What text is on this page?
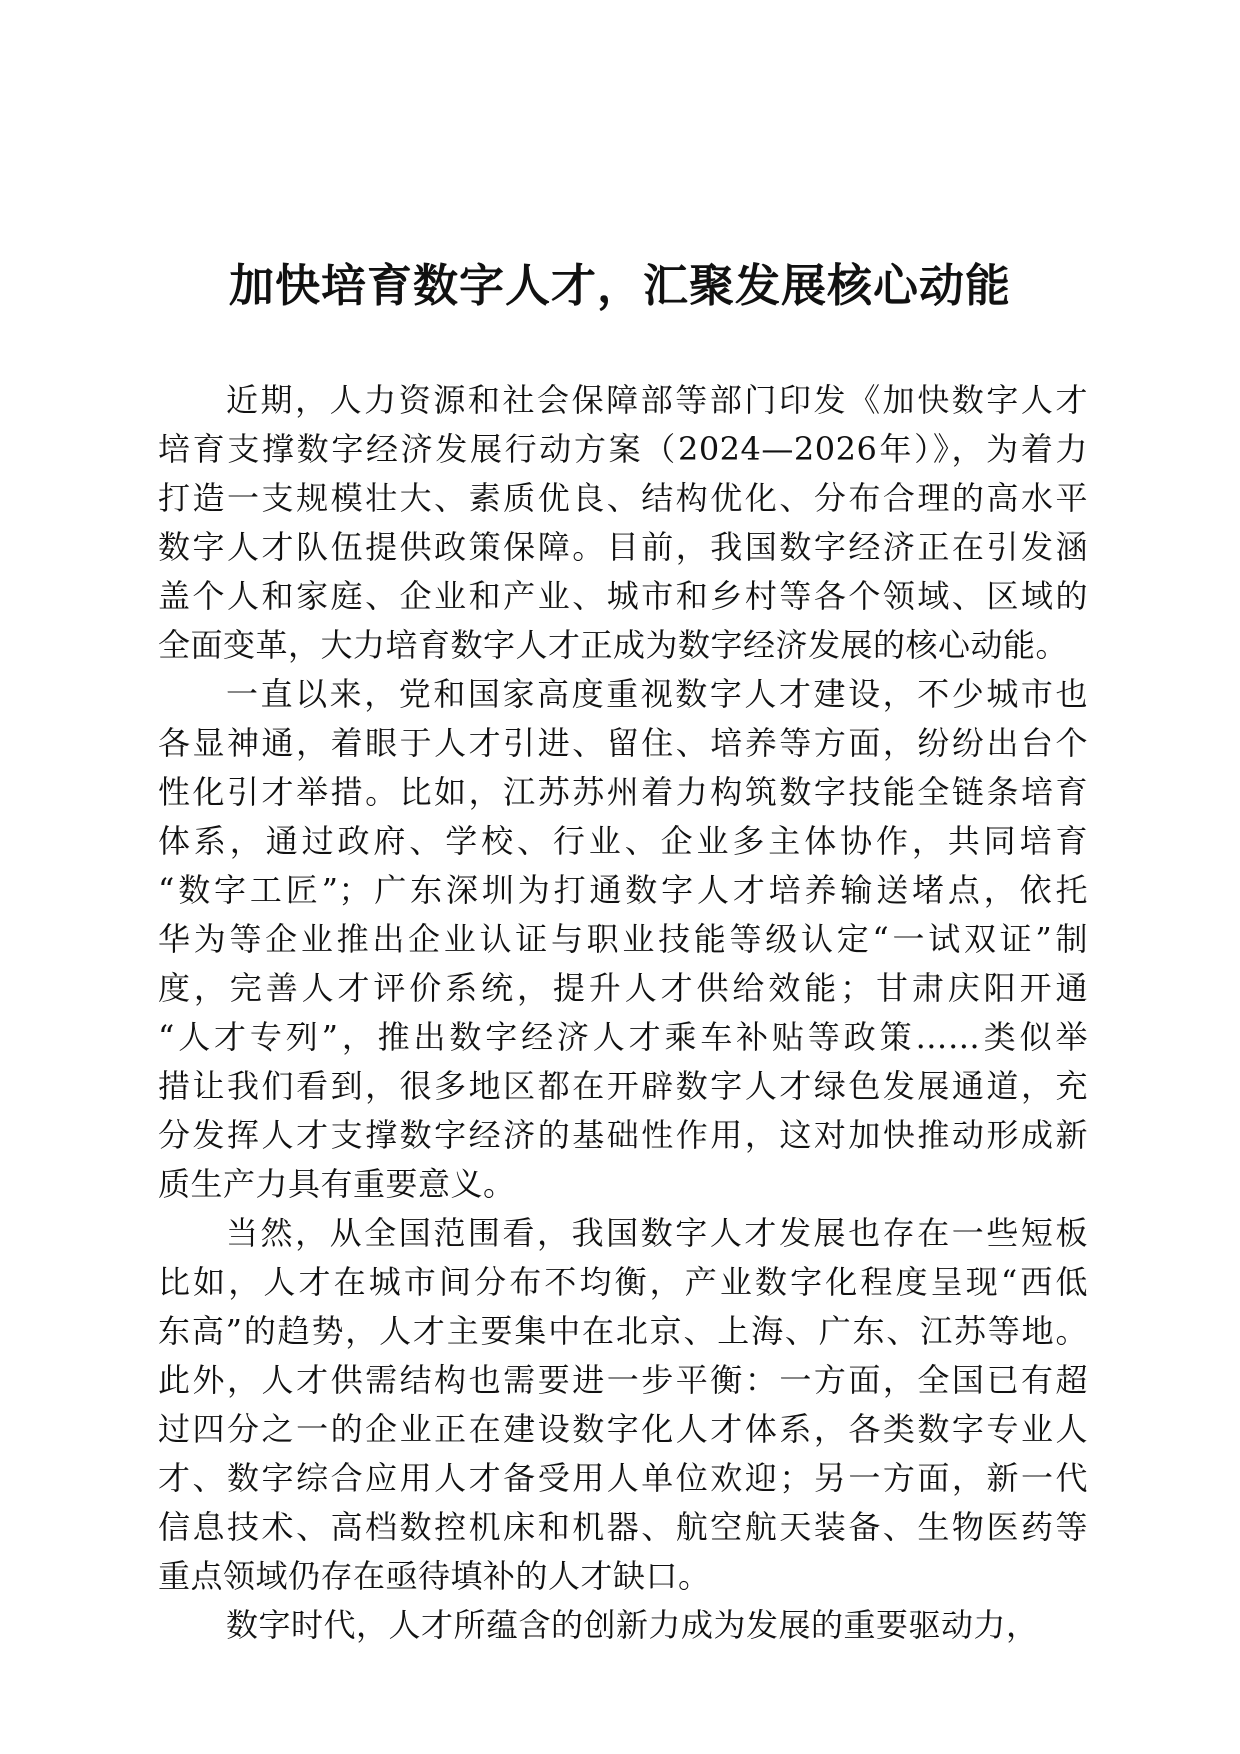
加快培育数字人才，汇聚发展核心动能
近期，人力资源和社会保障部等部门印发《加快数字人才
培育支撑数字经济发展行动方案（2024—2026年）》，为着力
打造一支规模壮大、素质优良、结构优化、分布合理的高水平
数字人才队伍提供政策保障。目前，我国数字经济正在引发涵
盖个人和家庭、企业和产业、城市和乡村等各个领域、区域的
全面变革，大力培育数字人才正成为数字经济发展的核心动能。
一直以来，党和国家高度重视数字人才建设，不少城市也
各显神通，着眼于人才引进、留住、培养等方面，纷纷出台个
性化引才举措。比如，江苏苏州着力构筑数字技能全链条培育
体系，通过政府、学校、行业、企业多主体协作，共同培育
“数字工匠”；广东深圳为打通数字人才培养输送堵点，依托
华为等企业推出企业认证与职业技能等级认定“一试双证”制
度，完善人才评价系统，提升人才供给效能；甘肃庆阳开通
“人才专列”，推出数字经济人才乘车补贴等政策……类似举
措让我们看到，很多地区都在开辟数字人才绿色发展通道，充
分发挥人才支撑数字经济的基础性作用，这对加快推动形成新
质生产力具有重要意义。
当然，从全国范围看，我国数字人才发展也存在一些短板
比如，人才在城市间分布不均衡，产业数字化程度呈现“西低
东高”的趋势，人才主要集中在北京、上海、广东、江苏等地。
此外，人才供需结构也需要进一步平衡：一方面，全国已有超
过四分之一的企业正在建设数字化人才体系，各类数字专业人
才、数字综合应用人才备受用人单位欢迎；另一方面，新一代
信息技术、高档数控机床和机器、航空航天装备、生物医药等
重点领域仍存在亟待填补的人才缺口。
数字时代，人才所蕴含的创新力成为发展的重要驱动力，
